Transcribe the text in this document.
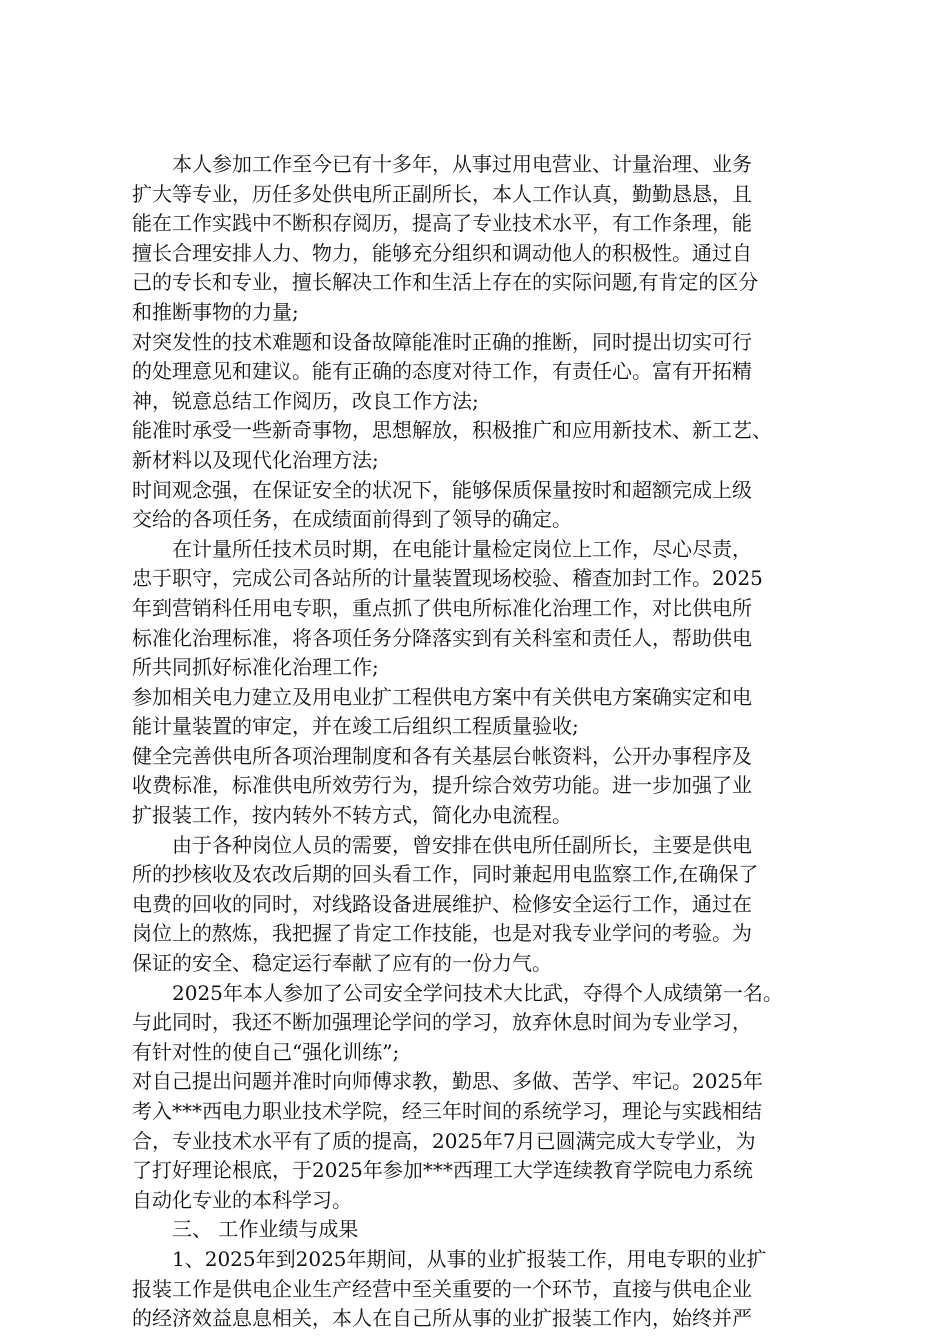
本人参加工作至今已有十多年，从事过用电营业、计量治理、业务
扩大等专业，历任多处供电所正副所长，本人工作认真，勤勤恳恳，且
能在工作实践中不断积存阅历，提高了专业技术水平，有工作条理，能
擅长合理安排人力、物力，能够充分组织和调动他人的积极性。通过自
己的专长和专业，擅长解决工作和生活上存在的实际问题,有肯定的区分
和推断事物的力量;
对突发性的技术难题和设备故障能准时正确的推断，同时提出切实可行
的处理意见和建议。能有正确的态度对待工作，有责任心。富有开拓精
神，锐意总结工作阅历，改良工作方法;
能准时承受一些新奇事物，思想解放，积极推广和应用新技术、新工艺、
新材料以及现代化治理方法;
时间观念强，在保证安全的状况下，能够保质保量按时和超额完成上级
交给的各项任务，在成绩面前得到了领导的确定。
在计量所任技术员时期，在电能计量检定岗位上工作，尽心尽责，
忠于职守，完成公司各站所的计量装置现场校验、稽查加封工作。2025
年到营销科任用电专职，重点抓了供电所标准化治理工作，对比供电所
标准化治理标准，将各项任务分降落实到有关科室和责任人，帮助供电
所共同抓好标准化治理工作;
参加相关电力建立及用电业扩工程供电方案中有关供电方案确实定和电
能计量装置的审定，并在竣工后组织工程质量验收;
健全完善供电所各项治理制度和各有关基层台帐资料，公开办事程序及
收费标准，标准供电所效劳行为，提升综合效劳功能。进一步加强了业
扩报装工作，按内转外不转方式，简化办电流程。
由于各种岗位人员的需要，曾安排在供电所任副所长，主要是供电
所的抄核收及农改后期的回头看工作，同时兼起用电监察工作,在确保了
电费的回收的同时，对线路设备进展维护、检修安全运行工作，通过在
岗位上的熬炼，我把握了肯定工作技能，也是对我专业学问的考验。为
保证的安全、稳定运行奉献了应有的一份力气。
2025年本人参加了公司安全学问技术大比武，夺得个人成绩第一名。
与此同时，我还不断加强理论学问的学习，放弃休息时间为专业学习，
有针对性的使自己“强化训练”;
对自己提出问题并准时向师傅求教，勤思、多做、苦学、牢记。2025年
考入***西电力职业技术学院，经三年时间的系统学习，理论与实践相结
合，专业技术水平有了质的提高，2025年7月已圆满完成大专学业，为
了打好理论根底，于2025年参加***西理工大学连续教育学院电力系统
自动化专业的本科学习。
三、 工作业绩与成果
1、2025年到2025年期间，从事的业扩报装工作，用电专职的业扩
报装工作是供电企业生产经营中至关重要的一个环节，直接与供电企业
的经济效益息息相关，本人在自己所从事的业扩报装工作内，始终并严
